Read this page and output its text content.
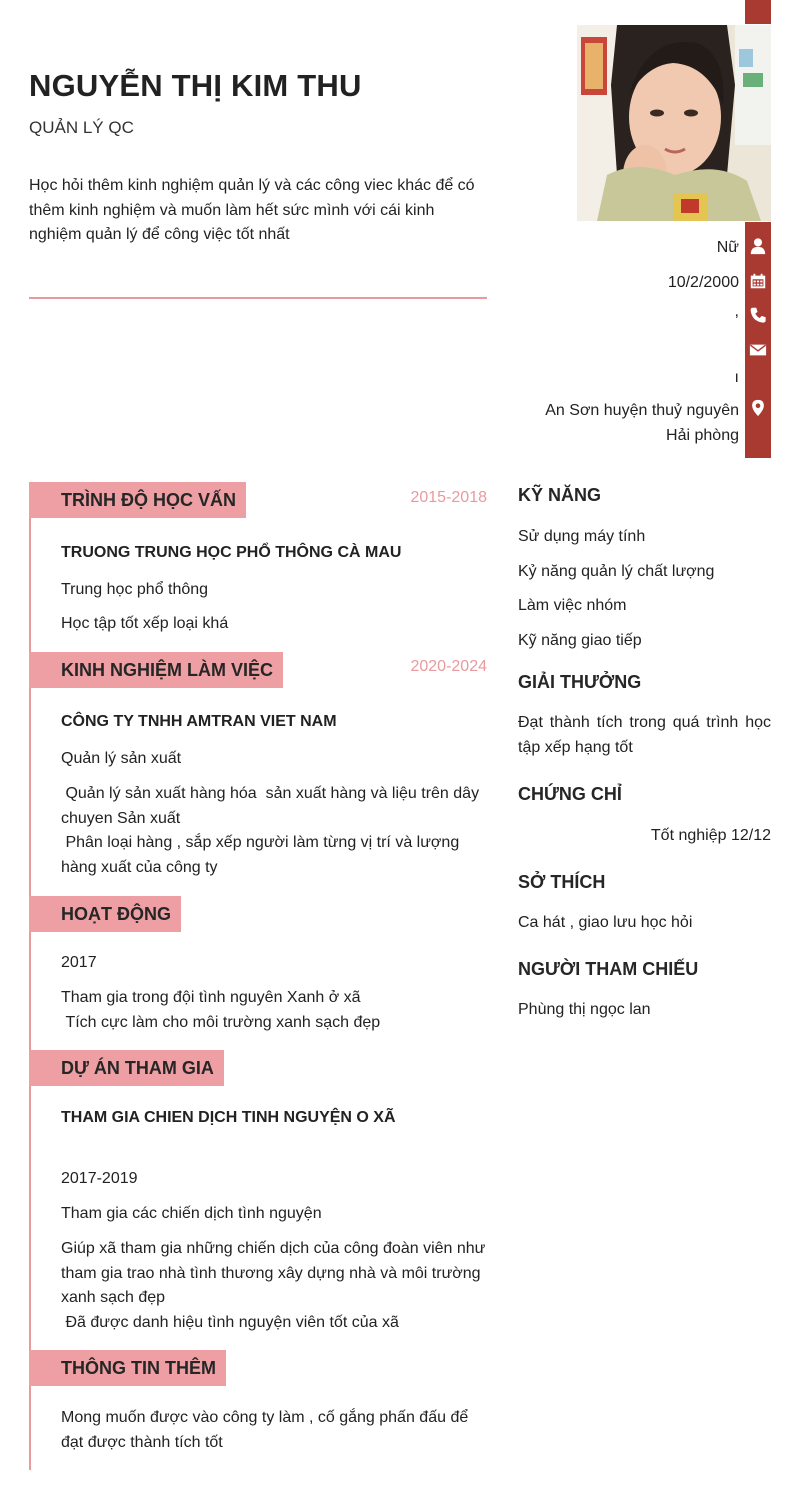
NGUYỄN THỊ KIM THU
QUẢN LÝ QC

Học hỏi thêm kinh nghiệm quản lý và các công viec khác để có thêm kinh nghiệm và muốn làm hết sức mình với cái kinh nghiệm quản lý để công việc tốt nhất

Nữ
10/2/2000
,
ı
An Sơn huyện thuỷ nguyên
Hải phòng
TRÌNH ĐỘ HỌC VẤN	2015-2018
TRUONG TRUNG HỌC PHỔ THÔNG CÀ MAU
Trung học phổ thông
Học tập tốt xếp loại khá
KINH NGHIỆM LÀM VIỆC	2020-2024
CÔNG TY TNHH AMTRAN VIET NAM
Quản lý sản xuất
Quản lý sản xuất hàng hóa  sản xuất hàng và liệu trên dây chuyen Sản xuất
Phân loại hàng , sắp xếp người làm từng vị trí và lượng hàng xuất của công ty
HOẠT ĐỘNG
2017
Tham gia trong đội tình nguyên Xanh ở xã
Tích cực làm cho môi trường xanh sạch đẹp
DỰ ÁN THAM GIA
THAM GIA CHIEN DỊCH TINH NGUYỆN O XÃ
2017-2019
Tham gia các chiến dịch tình nguyện
Giúp xã tham gia những chiến dịch của công đoàn viên như tham gia trao nhà tình thương xây dựng nhà và môi trường xanh sạch đẹp
Đã được danh hiệu tình nguyện viên tốt của xã
THÔNG TIN THÊM
Mong muốn được vào công ty làm , cố gắng phấn đấu để đạt được thành tích tốt
KỸ NĂNG
Sử dụng máy tính
Kỷ năng quản lý chất lượng
Làm việc nhóm
Kỹ năng giao tiếp
GIẢI THƯỞNG
Đạt thành tích trong quá trình học tập xếp hạng tốt
CHỨNG CHỈ
Tốt nghiệp 12/12
SỞ THÍCH
Ca hát , giao lưu học hỏi
NGƯỜI THAM CHIẾU
Phùng thị ngọc lan
